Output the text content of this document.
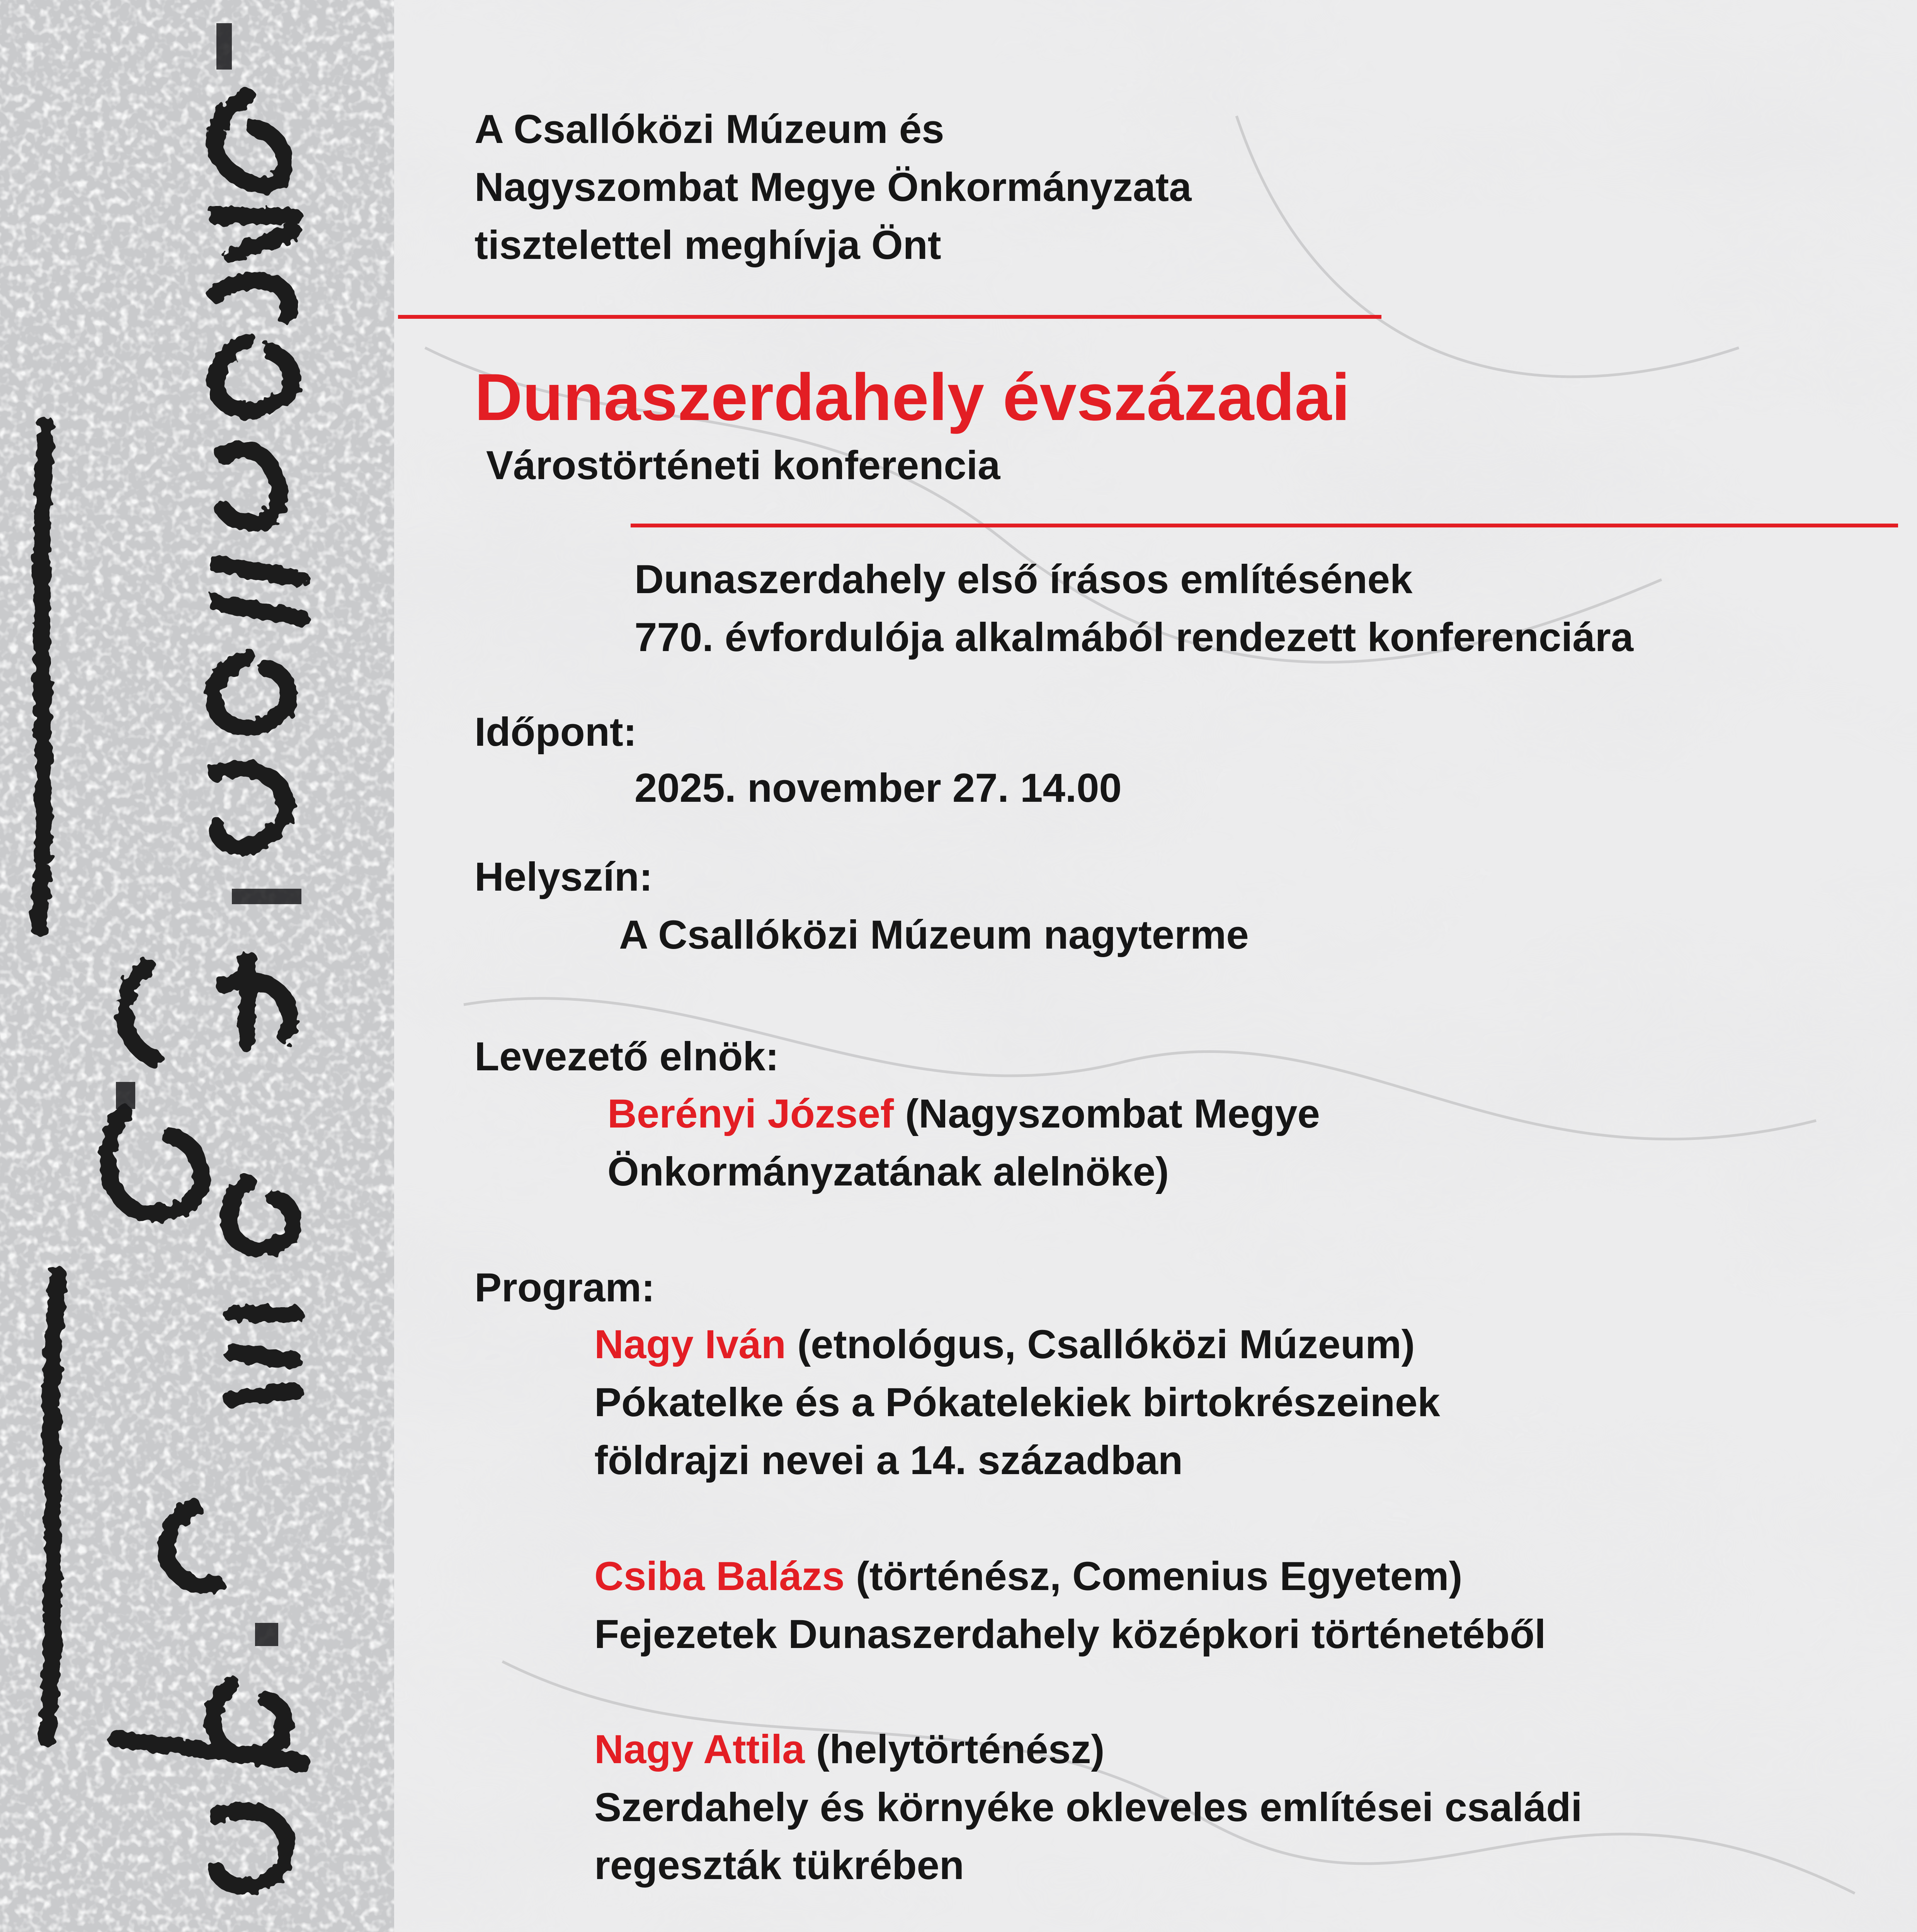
A Csallóközi Múzeum és
Nagyszombat Megye Önkormányzata
tisztelettel meghívja Önt
Dunaszerdahely évszázadai
Várostörténeti konferencia
Dunaszerdahely első írásos említésének
770. évfordulója alkalmából rendezett konferenciára
Időpont:
2025. november 27. 14.00
Helyszín:
A Csallóközi Múzeum nagyterme
Levezető elnök:
Berényi József (Nagyszombat Megye
Önkormányzatának alelnöke)
Program:
Nagy Iván (etnológus, Csallóközi Múzeum)
Pókatelke és a Pókatelekiek birtokrészeinek
földrajzi nevei a 14. században
Csiba Balázs (történész, Comenius Egyetem)
Fejezetek Dunaszerdahely középkori történetéből
Nagy Attila (helytörténész)
Szerdahely és környéke okleveles említései családi
regeszták tükrében
